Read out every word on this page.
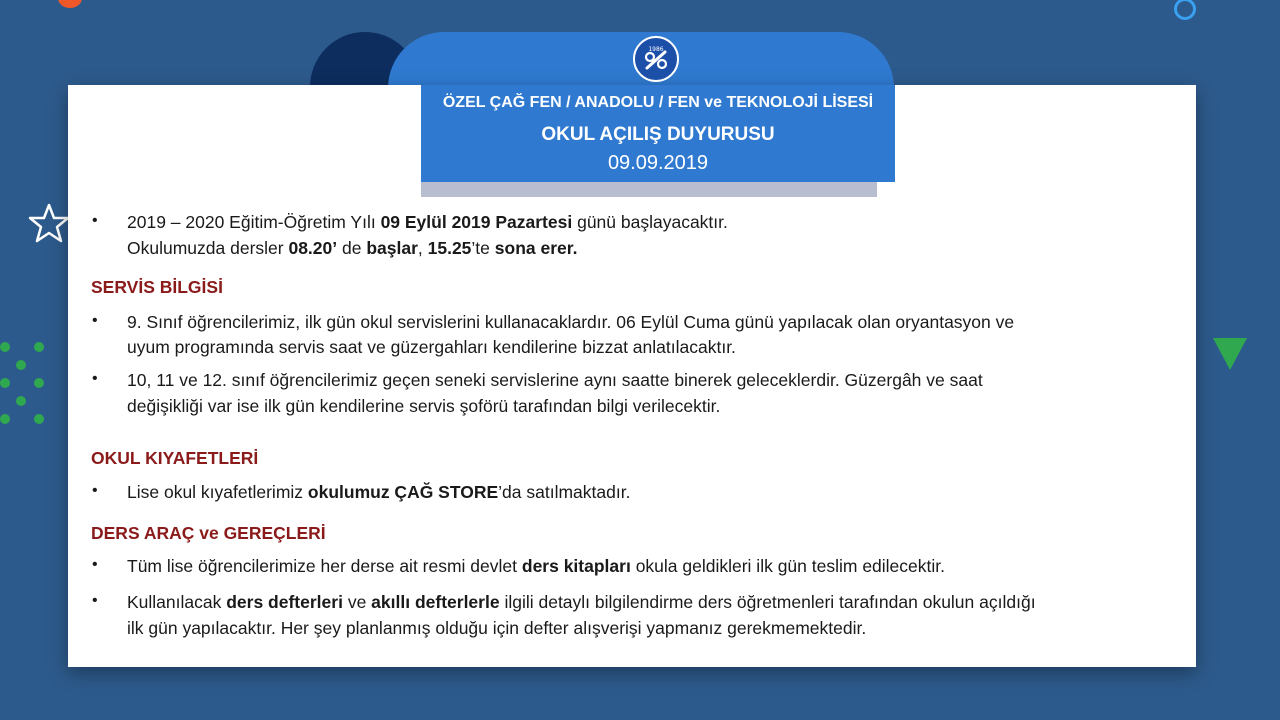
ÖZEL ÇAĞ FEN / ANADOLU / FEN ve TEKNOLOJİ LİSESİ
OKUL AÇILIŞ DUYURUSU
09.09.2019
1986
• 2019 – 2020 Eğitim-Öğretim Yılı 09 Eylül 2019 Pazartesi günü başlayacaktır.
Okulumuzda dersler 08.20’ de başlar, 15.25’te sona erer.
SERVİS BİLGİSİ
• 9. Sınıf öğrencilerimiz, ilk gün okul servislerini kullanacaklardır. 06 Eylül Cuma günü yapılacak olan oryantasyon ve
uyum programında servis saat ve güzergahları kendilerine bizzat anlatılacaktır.
• 10, 11 ve 12. sınıf öğrencilerimiz geçen seneki servislerine aynı saatte binerek geleceklerdir. Güzergâh ve saat
değişikliği var ise ilk gün kendilerine servis şoförü tarafından bilgi verilecektir.
OKUL KIYAFETLERİ
• Lise okul kıyafetlerimiz okulumuz ÇAĞ STORE’da satılmaktadır.
DERS ARAÇ ve GEREÇLERİ
• Tüm lise öğrencilerimize her derse ait resmi devlet ders kitapları okula geldikleri ilk gün teslim edilecektir.
• Kullanılacak ders defterleri ve akıllı defterlerle ilgili detaylı bilgilendirme ders öğretmenleri tarafından okulun açıldığı
ilk gün yapılacaktır. Her şey planlanmış olduğu için defter alışverişi yapmanız gerekmemektedir.
